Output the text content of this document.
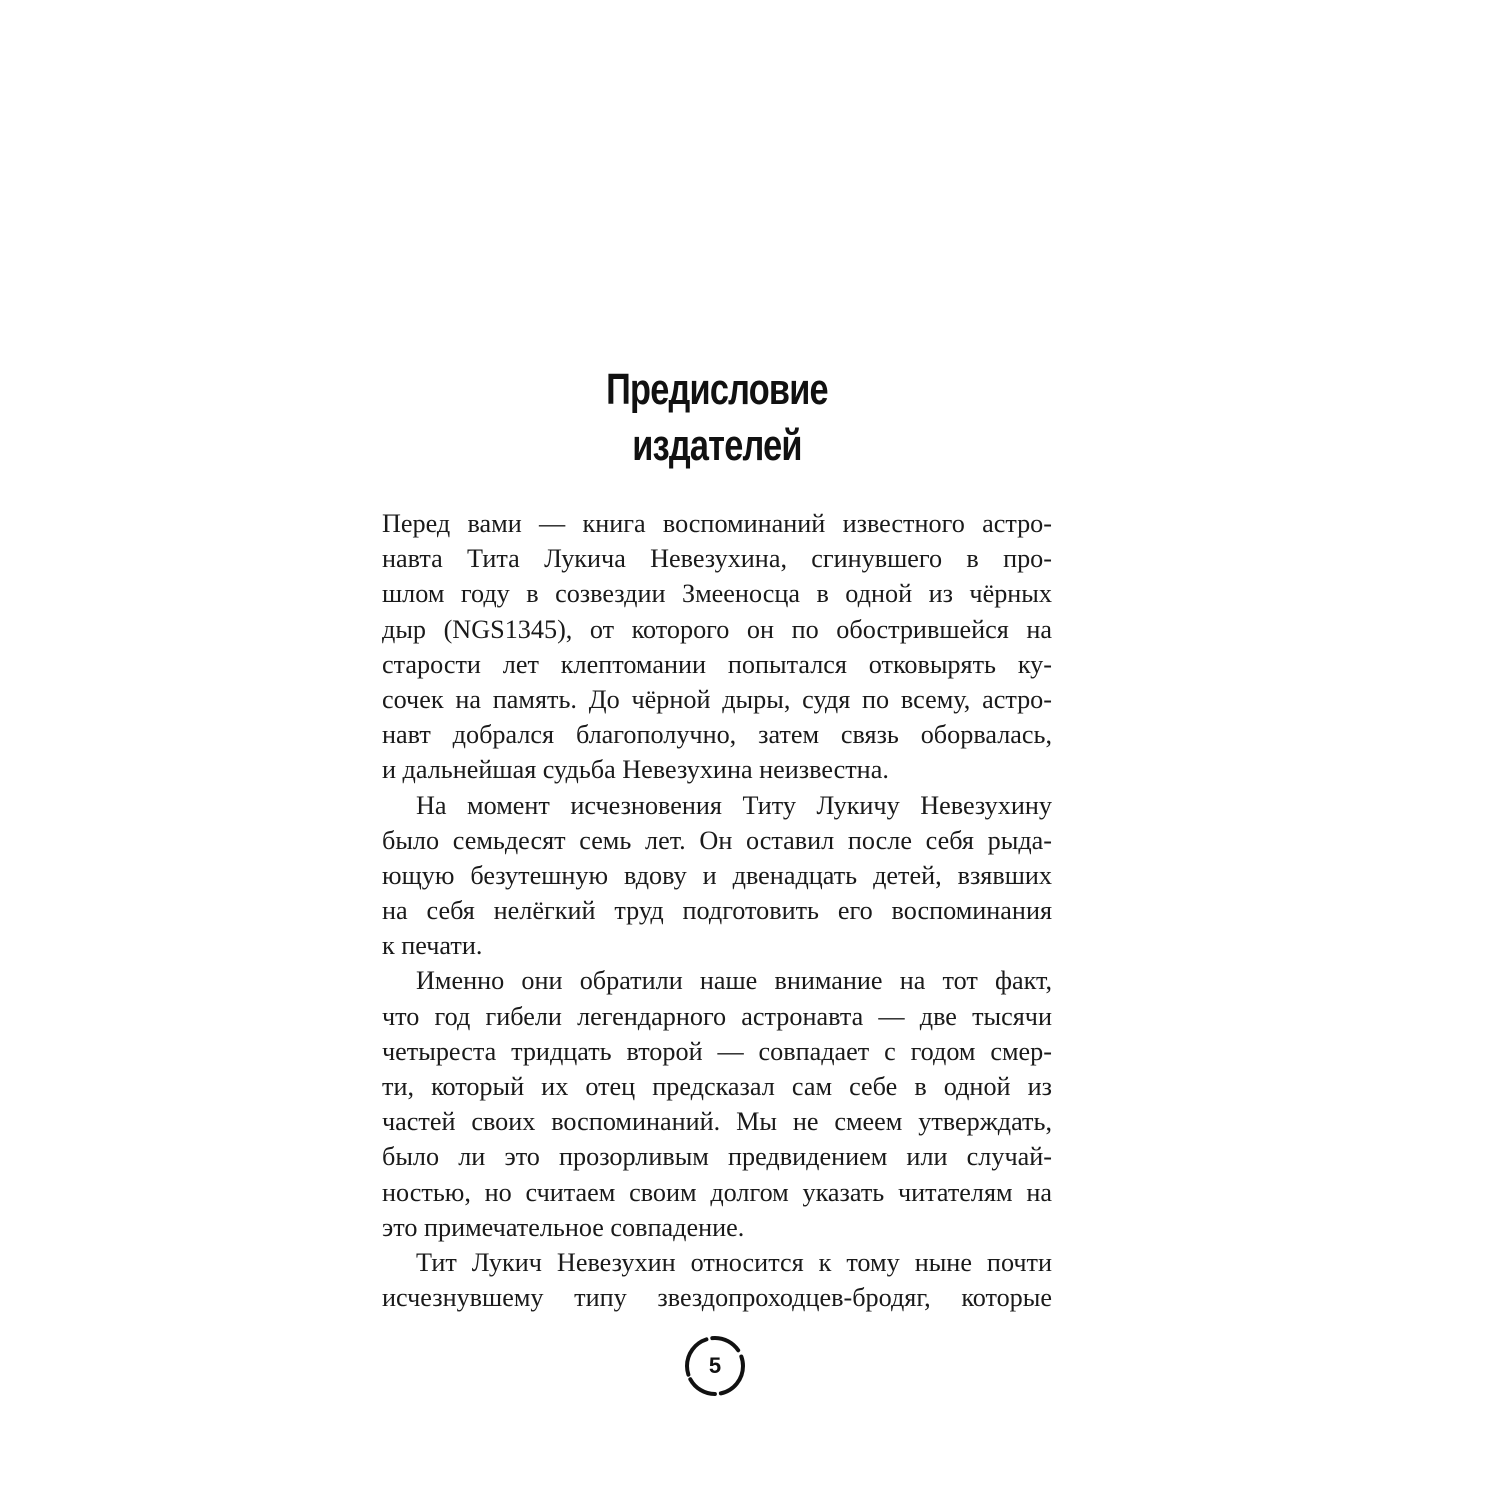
Предисловие
издателей
Перед вами — книга воспоминаний известного астро-
навта Тита Лукича Невезухина, сгинувшего в про-
шлом году в созвездии Змееносца в одной из чёрных
дыр (NGS1345), от которого он по обострившейся на
старости лет клептомании попытался отковырять ку-
сочек на память. До чёрной дыры, судя по всему, астро-
навт добрался благополучно, затем связь оборвалась,
и дальнейшая судьба Невезухина неизвестна.
На момент исчезновения Титу Лукичу Невезухину
было семьдесят семь лет. Он оставил после себя рыда-
ющую безутешную вдову и двенадцать детей, взявших
на себя нелёгкий труд подготовить его воспоминания
к печати.
Именно они обратили наше внимание на тот факт,
что год гибели легендарного астронавта — две тысячи
четыреста тридцать второй — совпадает с годом смер-
ти, который их отец предсказал сам себе в одной из
частей своих воспоминаний. Мы не смеем утверждать,
было ли это прозорливым предвидением или случай-
ностью, но считаем своим долгом указать читателям на
это примечательное совпадение.
Тит Лукич Невезухин относится к тому ныне почти
исчезнувшему типу звездопроходцев-бродяг, которые
5
